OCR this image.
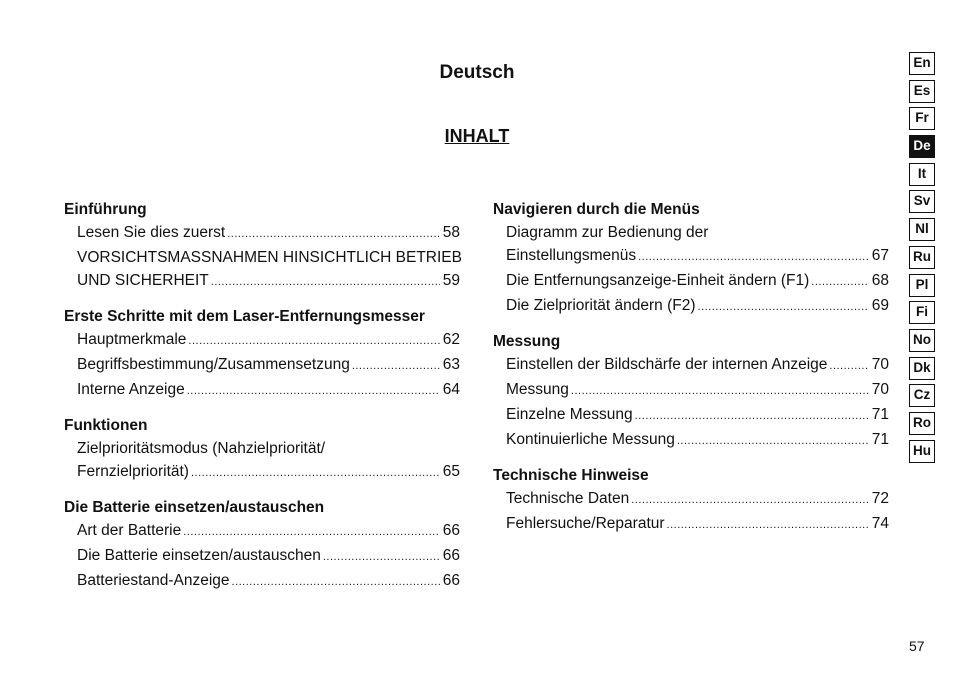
Deutsch
INHALT
Einführung
Lesen Sie dies zuerst .....	58
VORSICHTSMASSNAHMEN HINSICHTLICH BETRIEB
UND SICHERHEIT .....	59
Erste Schritte mit dem Laser-Entfernungsmesser
Hauptmerkmale .....	62
Begriffsbestimmung/Zusammensetzung .....	63
Interne Anzeige .....	64
Funktionen
Zielprioritätsmodus (Nahzielpriorität/
Fernzielpriorität) .....	65
Die Batterie einsetzen/austauschen
Art der Batterie .....	66
Die Batterie einsetzen/austauschen .....	66
Batteriestand-Anzeige .....	66
Navigieren durch die Menüs
Diagramm zur Bedienung der
Einstellungsmenüs .....	67
Die Entfernungsanzeige-Einheit ändern (F1) .....	68
Die Zielpriorität ändern (F2) .....	69
Messung
Einstellen der Bildschärfe der internen Anzeige .....	70
Messung .....	70
Einzelne Messung .....	71
Kontinuierliche Messung .....	71
Technische Hinweise
Technische Daten .....	72
Fehlersuche/Reparatur .....	74
En
Es
Fr
De
It
Sv
Nl
Ru
Pl
Fi
No
Dk
Cz
Ro
Hu
57
